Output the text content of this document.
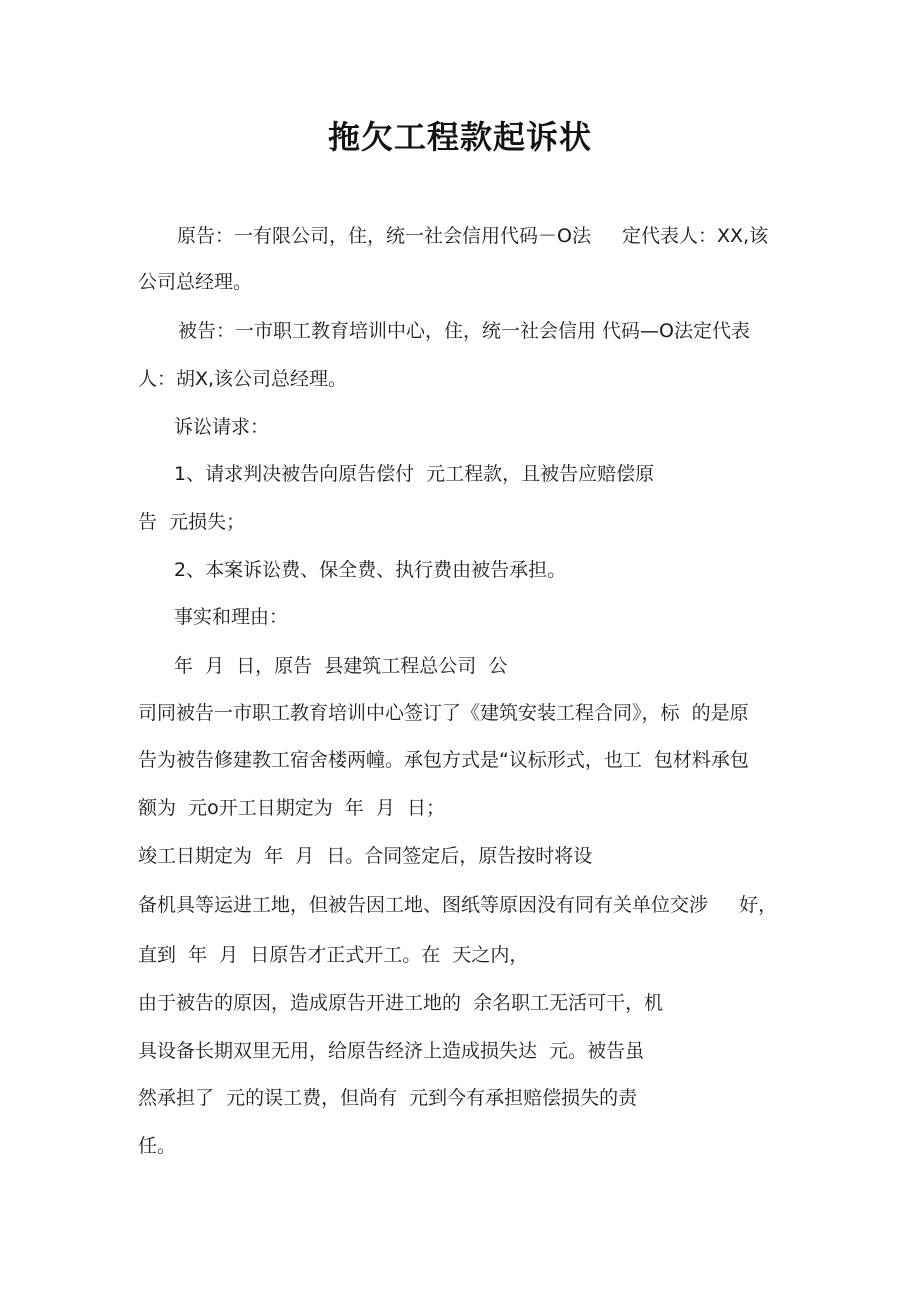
拖欠工程款起诉状
原告：一有限公司，住，统一社会信用代码－O法　  定代表人：XX,该
公司总经理。
被告：一市职工教育培训中心，住，统一社会信用 代码—O法定代表
人：胡X,该公司总经理。
诉讼请求：
1、请求判决被告向原告偿付  元工程款，且被告应赔偿原
告  元损失；
2、本案诉讼费、保全费、执行费由被告承担。
事实和理由：
年  月  日，原告  县建筑工程总公司  公
司同被告一市职工教育培训中心签订了《建筑安装工程合同》，标  的是原
告为被告修建教工宿舍楼两幢。承包方式是“议标形式，也工  包材料承包
额为  元o开工日期定为  年  月  日；
竣工日期定为  年  月  日。合同签定后，原告按时将设
备机具等运进工地，但被告因工地、图纸等原因没有同有关单位交涉　  好，
直到  年  月  日原告才正式开工。在  天之内，
由于被告的原因，造成原告开进工地的  余名职工无活可干，机
具设备长期双里无用，给原告经济上造成损失达  元。被告虽
然承担了  元的误工费，但尚有  元到今有承担赔偿损失的责
任。
